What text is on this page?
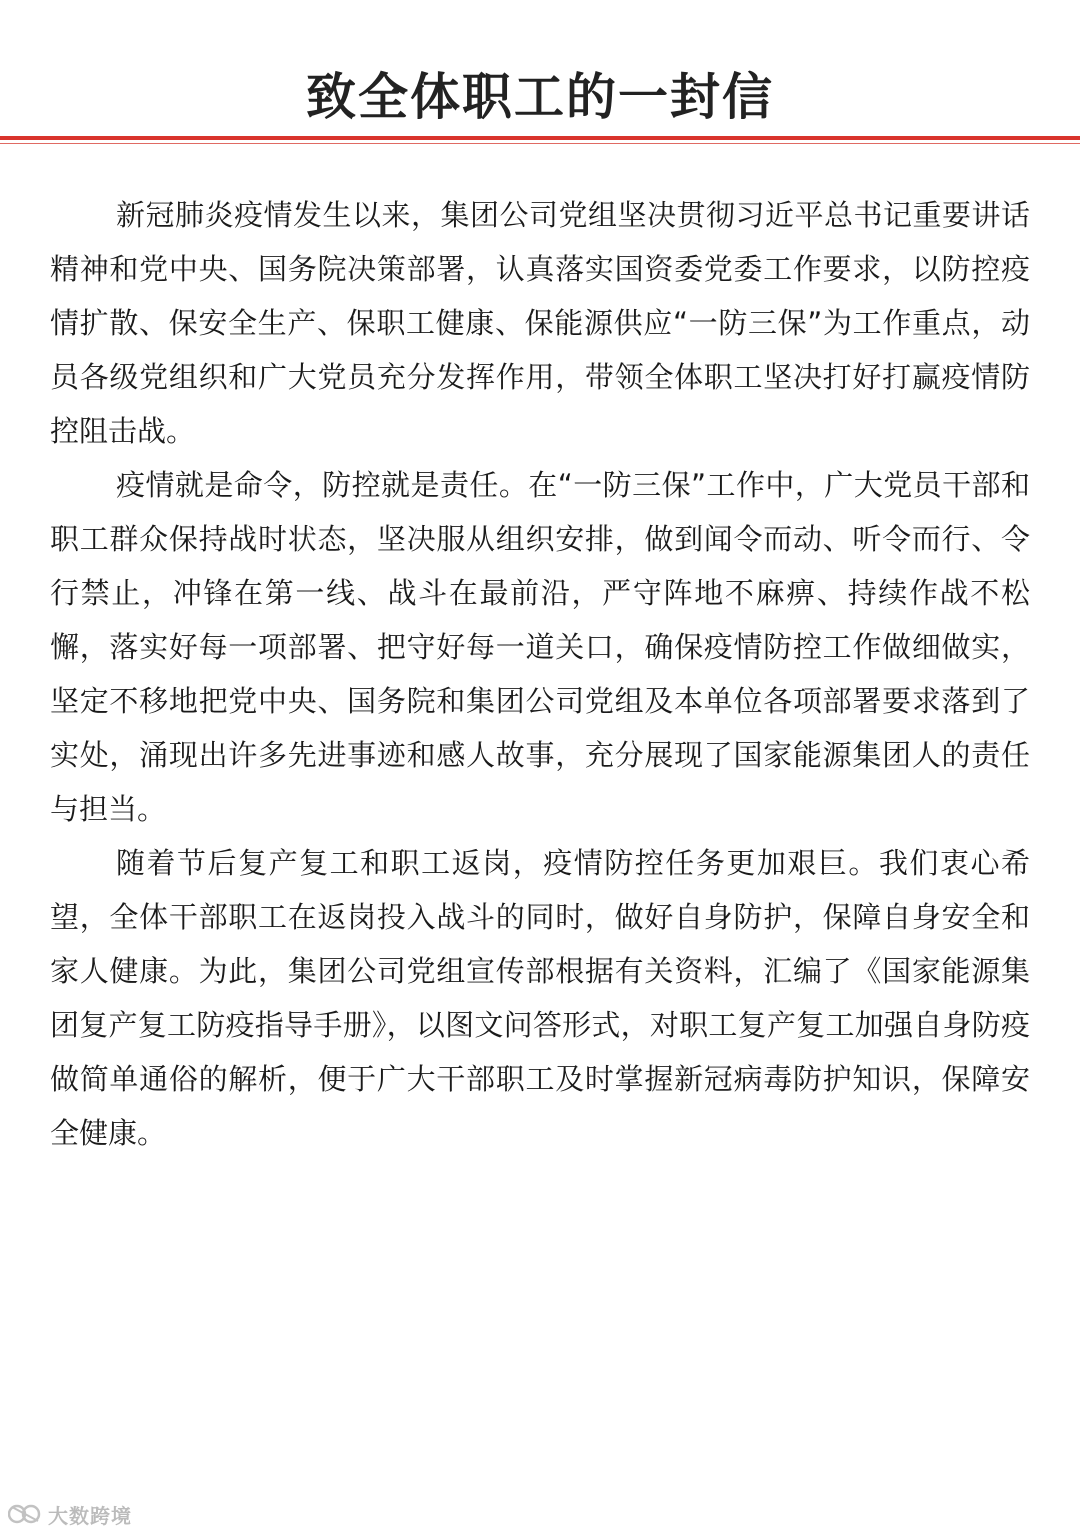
致全体职工的一封信

新冠肺炎疫情发生以来，集团公司党组坚决贯彻习近平总书记重要讲话精神和党中央、国务院决策部署，认真落实国资委党委工作要求，以防控疫情扩散、保安全生产、保职工健康、保能源供应“一防三保”为工作重点，动员各级党组织和广大党员充分发挥作用，带领全体职工坚决打好打赢疫情防控阻击战。

疫情就是命令，防控就是责任。在“一防三保”工作中，广大党员干部和职工群众保持战时状态，坚决服从组织安排，做到闻令而动、听令而行、令行禁止，冲锋在第一线、战斗在最前沿，严守阵地不麻痹、持续作战不松懈，落实好每一项部署、把守好每一道关口，确保疫情防控工作做细做实，坚定不移地把党中央、国务院和集团公司党组及本单位各项部署要求落到了实处，涌现出许多先进事迹和感人故事，充分展现了国家能源集团人的责任与担当。

随着节后复产复工和职工返岗，疫情防控任务更加艰巨。我们衷心希望，全体干部职工在返岗投入战斗的同时，做好自身防护，保障自身安全和家人健康。为此，集团公司党组宣传部根据有关资料，汇编了《国家能源集团复产复工防疫指导手册》，以图文问答形式，对职工复产复工加强自身防疫做简单通俗的解析，便于广大干部职工及时掌握新冠病毒防护知识，保障安全健康。

大数跨境
